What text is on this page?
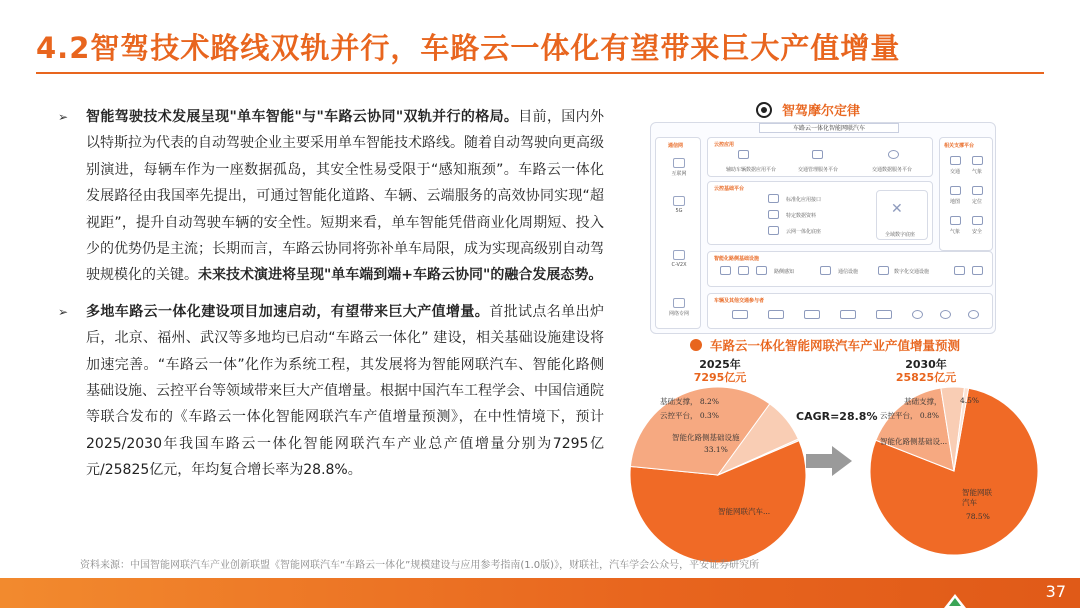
4.2智驾技术路线双轨并行，车路云一体化有望带来巨大产值增量
➢ 智能驾驶技术发展呈现"单车智能"与"车路云协同"双轨并行的格局。目前，国内外以特斯拉为代表的自动驾驶企业主要采用单车智能技术路线。随着自动驾驶向更高级别演进，每辆车作为一座数据孤岛，其安全性易受限于“感知瓶颈”。车路云一体化发展路径由我国率先提出，可通过智能化道路、车辆、云端服务的高效协同实现“超视距”，提升自动驾驶车辆的安全性。短期来看，单车智能凭借商业化周期短、投入少的优势仍是主流；长期而言，车路云协同将弥补单车局限，成为实现高级别自动驾驶规模化的关键。未来技术演进将呈现"单车端到端+车路云协同"的融合发展态势。
➢ 多地车路云一体化建设项目加速启动，有望带来巨大产值增量。首批试点名单出炉后，北京、福州、武汉等多地均已启动“车路云一体化” 建设，相关基础设施建设将加速完善。“车路云一体”化作为系统工程，其发展将为智能网联汽车、智能化路侧基础设施、云控平台等领域带来巨大产值增量。根据中国汽车工程学会、中国信通院等联合发布的《车路云一体化智能网联汽车产值增量预测》，在中性情境下，预计2025/2030年我国车路云一体化智能网联汽车产业总产值增量分别为7295亿元/25825亿元，年均复合增长率为28.8%。
智驾摩尔定律
车路云一体化智能网联汽车
通信网
互联网
5G
C-V2X
网络专网
云控应用
辅助车辆数据应用平台	交通管理服务平台	交通数据服务平台
云控基础平台
标准化应用接口
特定数据资料
云网一体化底座
✕
全域数字底座
智能化路侧基础设施
路侧感知	通信设施	数字化交通设施
车辆及其他交通参与者
相关支撑平台
交通 气象
地图 定位
气象 安全
车路云一体化智能网联汽车产业产值增量预测
2025年
7295亿元
2030年
25825亿元
基础支撑， 8.2%
云控平台， 0.3%
智能化路侧基础设施
33.1%
智能网联汽车...
CAGR=28.8%
基础支撑， 4.5%
云控平台， 0.8%
智能化路侧基础设...
智能网联汽车
78.5%
资料来源：中国智能网联汽车产业创新联盟《智能网联汽车“车路云一体化”规模建设与应用参考指南(1.0版)》，财联社，汽车学会公众号，平安证券研究所
37
